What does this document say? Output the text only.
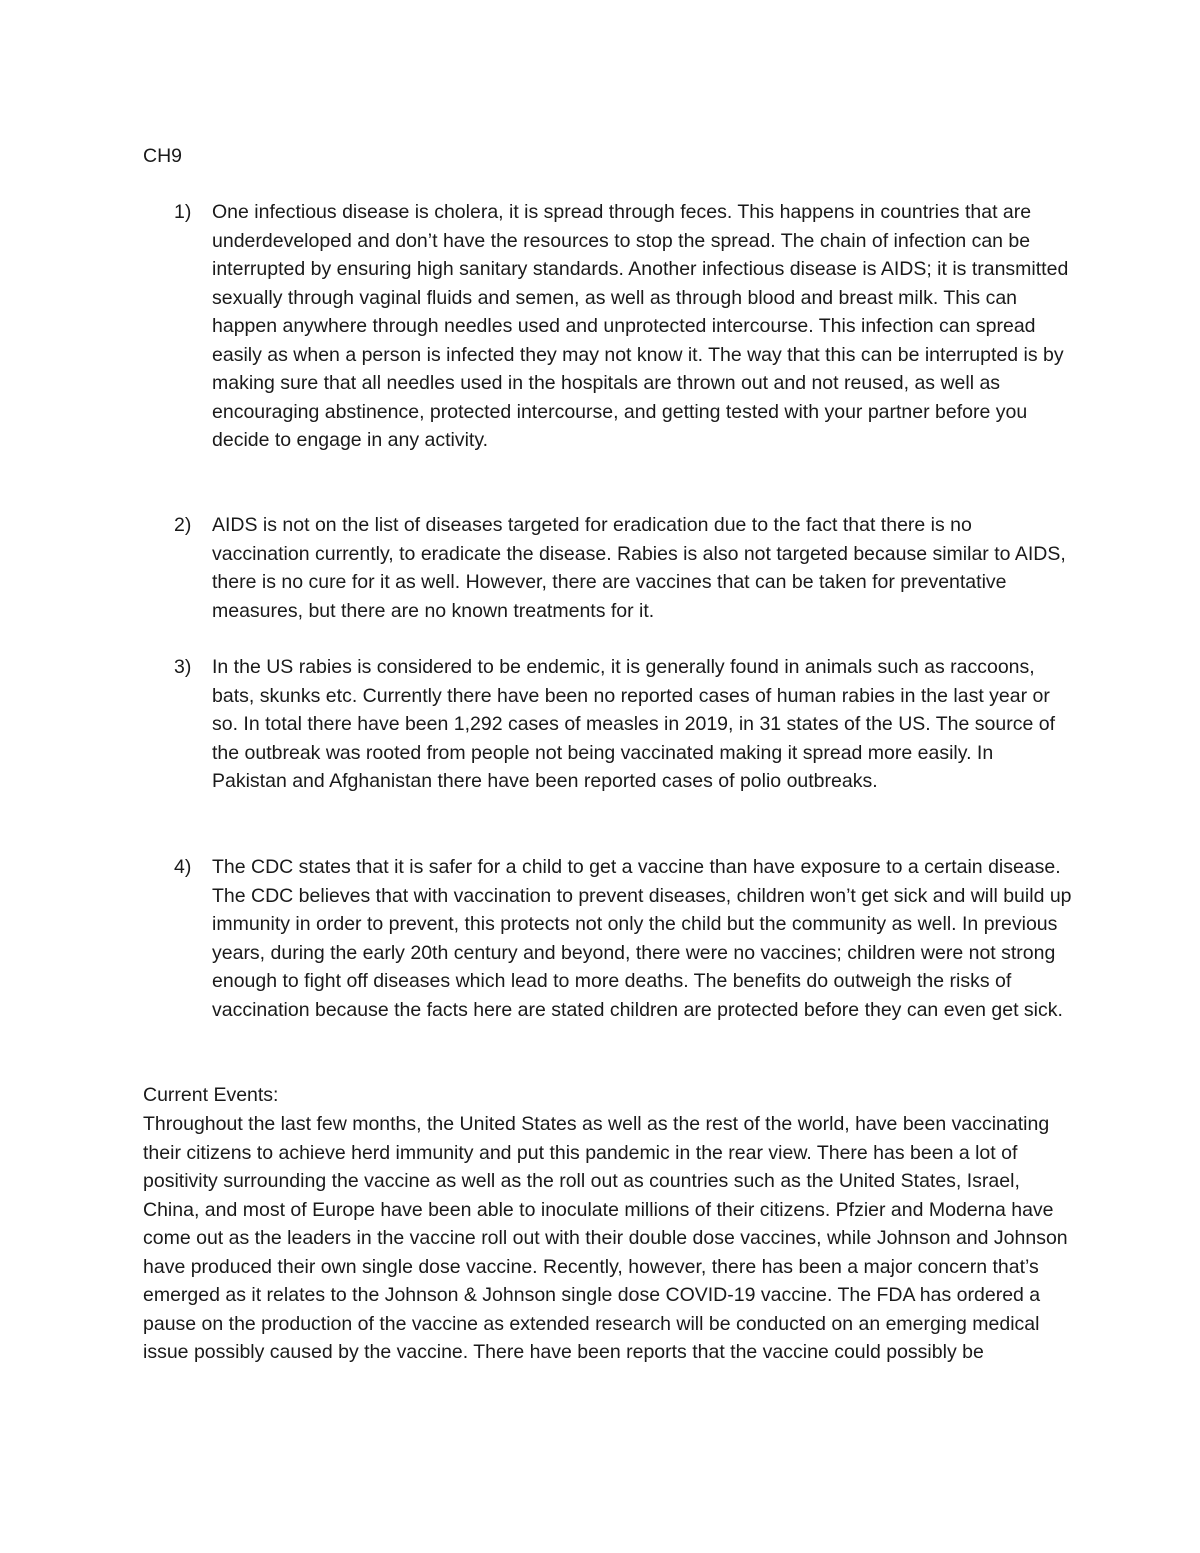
CH9
1)	One infectious disease is cholera, it is spread through feces. This happens in countries that are underdeveloped and don’t have the resources to stop the spread. The chain of infection can be interrupted by ensuring high sanitary standards. Another infectious disease is AIDS; it is transmitted sexually through vaginal fluids and semen, as well as through blood and breast milk. This can happen anywhere through needles used and unprotected intercourse. This infection can spread easily as when a person is infected they may not know it. The way that this can be interrupted is by making sure that all needles used in the hospitals are thrown out and not reused, as well as encouraging abstinence, protected intercourse, and getting tested with your partner before you decide to engage in any activity.

2)	AIDS is not on the list of diseases targeted for eradication due to the fact that there is no vaccination currently, to eradicate the disease. Rabies is also not targeted because similar to AIDS, there is no cure for it as well. However, there are vaccines that can be taken for preventative measures, but there are no known treatments for it.

3)	In the US rabies is considered to be endemic, it is generally found in animals such as raccoons, bats, skunks etc. Currently there have been no reported cases of human rabies in the last year or so. In total there have been 1,292 cases of measles in 2019, in 31 states of the US. The source of the outbreak was rooted from people not being vaccinated making it spread more easily. In Pakistan and Afghanistan there have been reported cases of polio outbreaks.

4)	The CDC states that it is safer for a child to get a vaccine than have exposure to a certain disease. The CDC believes that with vaccination to prevent diseases, children won’t get sick and will build up immunity in order to prevent, this protects not only the child but the community as well. In previous years, during the early 20th century and beyond, there were no vaccines; children were not strong enough to fight off diseases which lead to more deaths. The benefits do outweigh the risks of vaccination because the facts here are stated children are protected before they can even get sick.

Current Events:

Throughout the last few months, the United States as well as the rest of the world, have been vaccinating their citizens to achieve herd immunity and put this pandemic in the rear view. There has been a lot of positivity surrounding the vaccine as well as the roll out as countries such as the United States, Israel, China, and most of Europe have been able to inoculate millions of their citizens. Pfzier and Moderna have come out as the leaders in the vaccine roll out with their double dose vaccines, while Johnson and Johnson have produced their own single dose vaccine. Recently, however, there has been a major concern that’s emerged as it relates to the Johnson & Johnson single dose COVID-19 vaccine. The FDA has ordered a pause on the production of the vaccine as extended research will be conducted on an emerging medical issue possibly caused by the vaccine. There have been reports that the vaccine could possibly be
